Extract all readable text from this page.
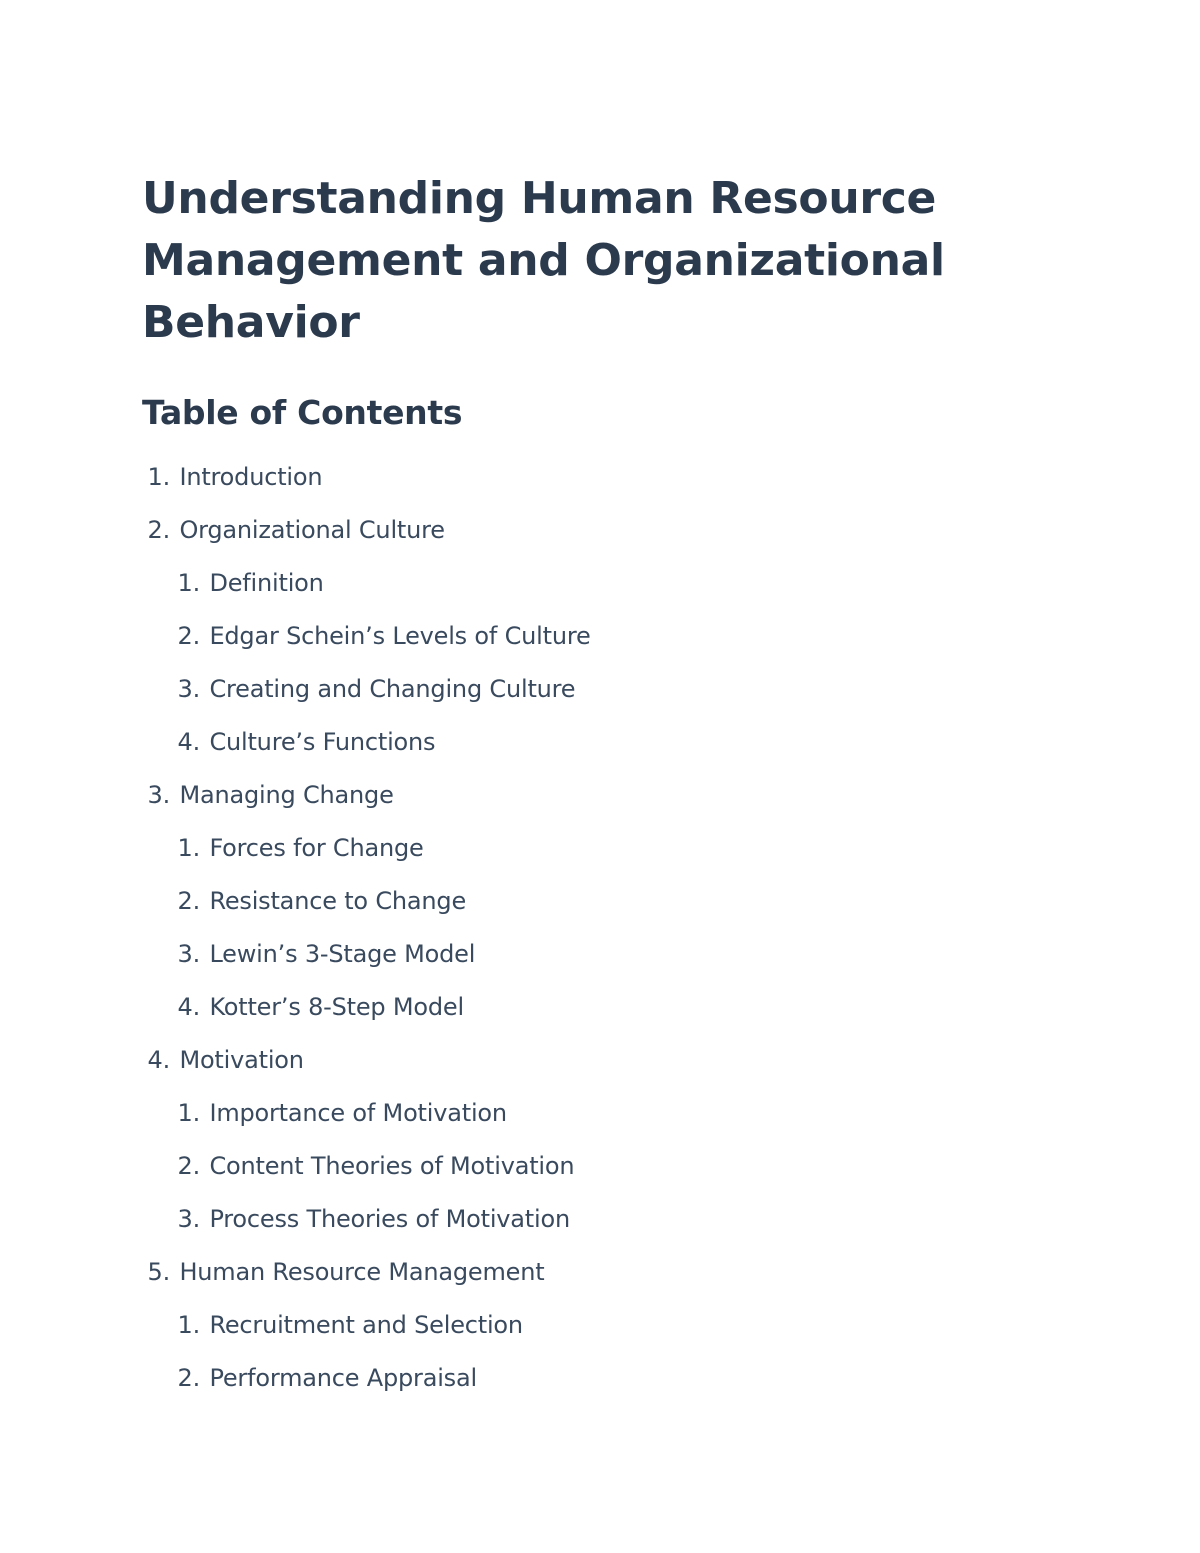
Understanding Human Resource
Management and Organizational
Behavior
Table of Contents
1.
Introduction
2.
Organizational Culture
1.
Definition
2.
Edgar Schein’s Levels of Culture
3.
Creating and Changing Culture
4.
Culture’s Functions
3.
Managing Change
1.
Forces for Change
2.
Resistance to Change
3.
Lewin’s 3-Stage Model
4.
Kotter’s 8-Step Model
4.
Motivation
1.
Importance of Motivation
2.
Content Theories of Motivation
3.
Process Theories of Motivation
5.
Human Resource Management
1.
Recruitment and Selection
2.
Performance Appraisal
